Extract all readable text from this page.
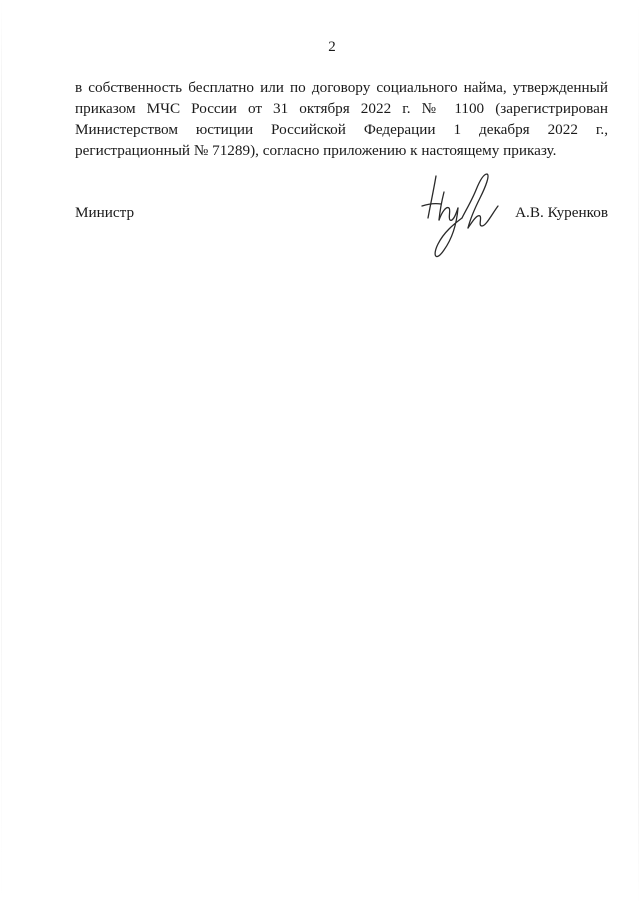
2

в собственность бесплатно или по договору социального найма, утвержденный приказом МЧС России от 31 октября 2022 г. № 1100 (зарегистрирован Министерством юстиции Российской Федерации 1 декабря 2022 г., регистрационный № 71289), согласно приложению к настоящему приказу.

Министр	А.В. Куренков
